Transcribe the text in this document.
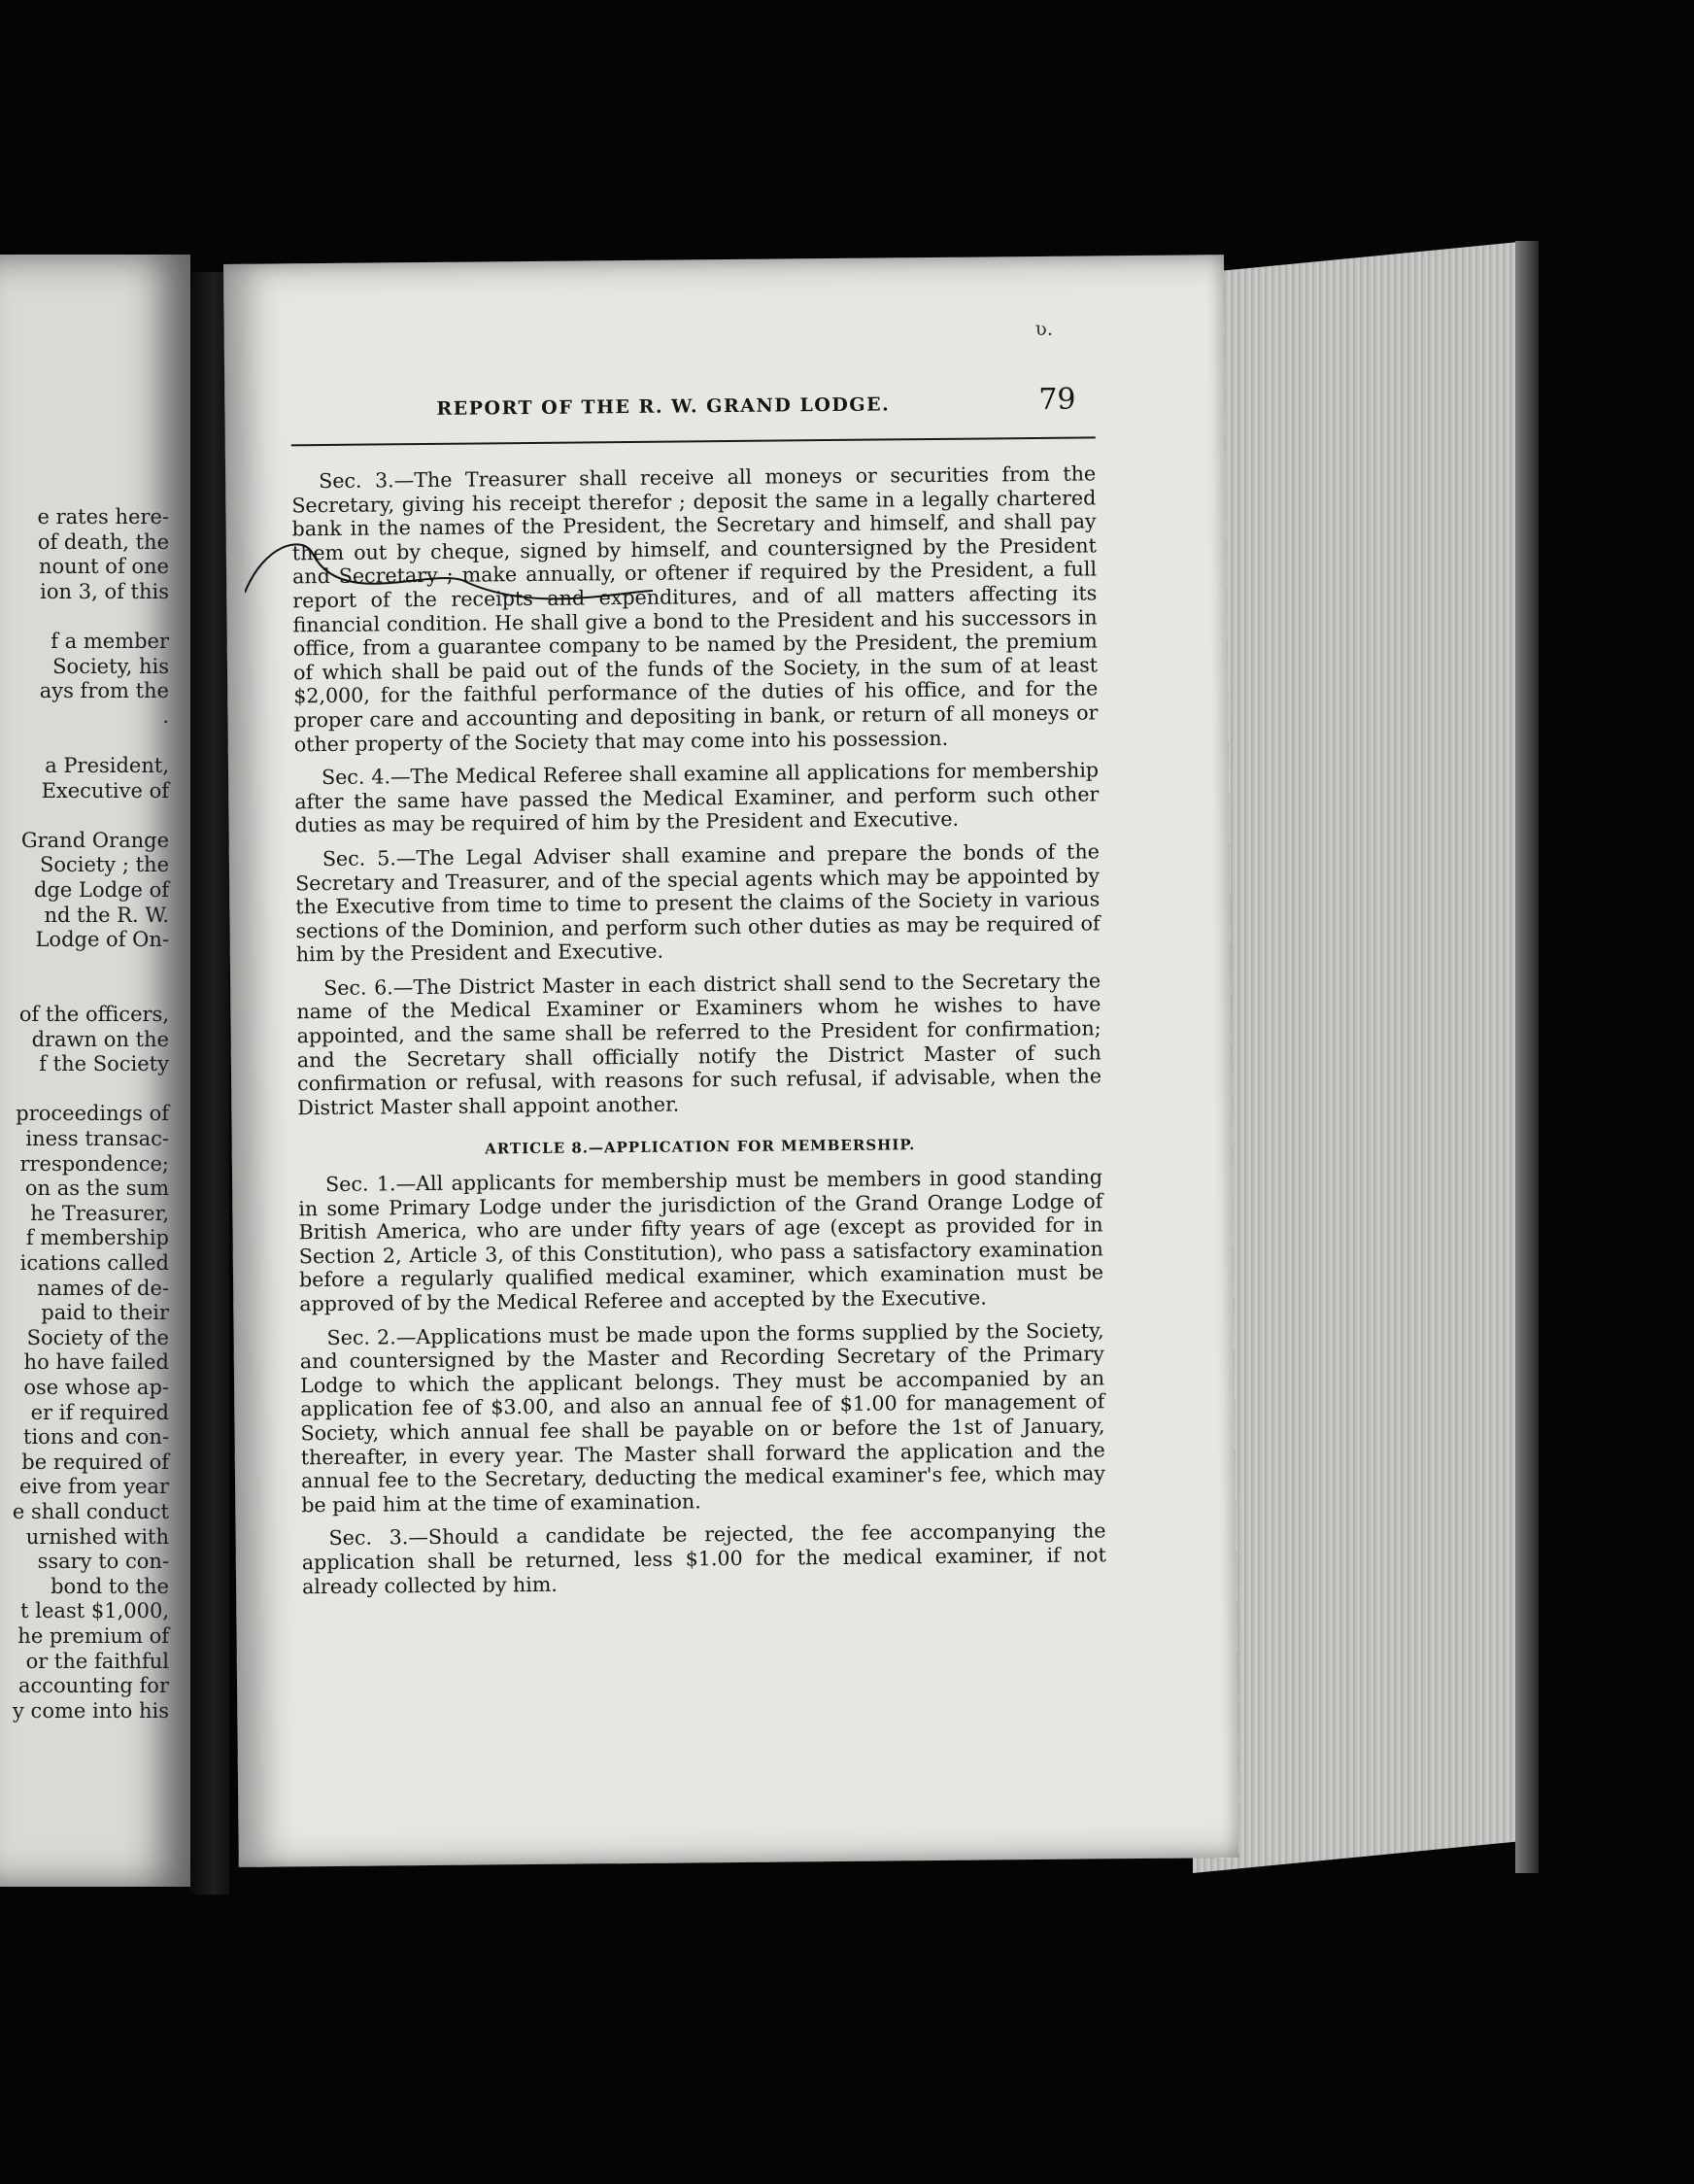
e rates here-
of death, the
nount of one
ion 3, of this
f a member
Society, his
ays from the
.
a President,
Executive of
Grand Orange
Society ; the
dge Lodge of
nd the R. W.
Lodge of On-
of the officers,
drawn on the
f the Society
proceedings of
iness transac-
rrespondence;
on as the sum
he Treasurer,
f membership
ications called
names of de-
paid to their
Society of the
ho have failed
ose whose ap-
er if required
tions and con-
be required of
eive from year
e shall conduct
urnished with
ssary to con-
bond to the
t least $1,000,
he premium of
or the faithful
accounting for
y come into his
ʋ.
REPORT OF THE R. W. GRAND LODGE.	79

Sec. 3.—The Treasurer shall receive all moneys or securities from the Secretary, giving his receipt therefor ; deposit the same in a legally chartered bank in the names of the President, the Secretary and himself, and shall pay them out by cheque, signed by himself, and countersigned by the President and Secretary ; make annually, or oftener if required by the President, a full report of the receipts and expenditures, and of all matters affecting its financial condition. He shall give a bond to the President and his successors in office, from a guarantee company to be named by the President, the premium of which shall be paid out of the funds of the Society, in the sum of at least $2,000, for the faithful performance of the duties of his office, and for the proper care and accounting and depositing in bank, or return of all moneys or other property of the Society that may come into his possession.

Sec. 4.—The Medical Referee shall examine all applications for membership after the same have passed the Medical Examiner, and perform such other duties as may be required of him by the President and Executive.

Sec. 5.—The Legal Adviser shall examine and prepare the bonds of the Secretary and Treasurer, and of the special agents which may be appointed by the Executive from time to time to present the claims of the Society in various sections of the Dominion, and perform such other duties as may be required of him by the President and Executive.

Sec. 6.—The District Master in each district shall send to the Secretary the name of the Medical Examiner or Examiners whom he wishes to have appointed, and the same shall be referred to the President for confirmation; and the Secretary shall officially notify the District Master of such confirmation or refusal, with reasons for such refusal, if advisable, when the District Master shall appoint another.

ARTICLE 8.—APPLICATION FOR MEMBERSHIP.

Sec. 1.—All applicants for membership must be members in good standing in some Primary Lodge under the jurisdiction of the Grand Orange Lodge of British America, who are under fifty years of age (except as provided for in Section 2, Article 3, of this Constitution), who pass a satisfactory examination before a regularly qualified medical examiner, which examination must be approved of by the Medical Referee and accepted by the Executive.

Sec. 2.—Applications must be made upon the forms supplied by the Society, and countersigned by the Master and Recording Secretary of the Primary Lodge to which the applicant belongs. They must be accompanied by an application fee of $3.00, and also an annual fee of $1.00 for management of Society, which annual fee shall be payable on or before the 1st of January, thereafter, in every year. The Master shall forward the application and the annual fee to the Secretary, deducting the medical examiner's fee, which may be paid him at the time of examination.

Sec. 3.—Should a candidate be rejected, the fee accompanying the application shall be returned, less $1.00 for the medical examiner, if not already collected by him.
